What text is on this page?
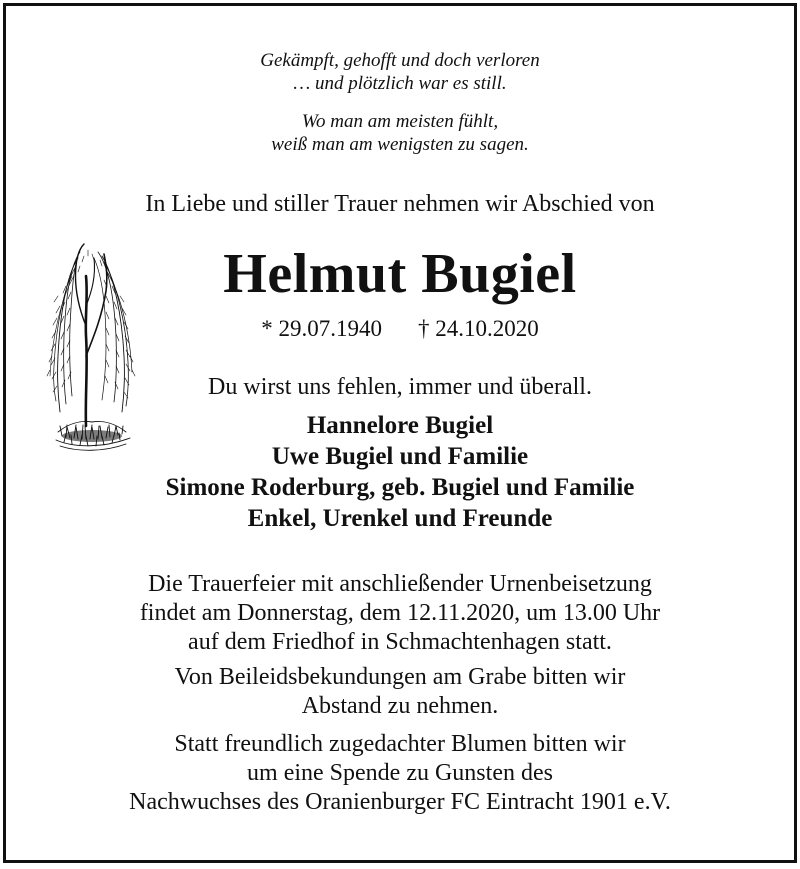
Gekämpft, gehofft und doch verloren
… und plötzlich war es still.
Wo man am meisten fühlt,
weiß man am wenigsten zu sagen.
In Liebe und stiller Trauer nehmen wir Abschied von
Helmut Bugiel
* 29.07.1940 † 24.10.2020
Du wirst uns fehlen, immer und überall.
Hannelore Bugiel
Uwe Bugiel und Familie
Simone Roderburg, geb. Bugiel und Familie
Enkel, Urenkel und Freunde
Die Trauerfeier mit anschließender Urnenbeisetzung
findet am Donnerstag, dem 12.11.2020, um 13.00 Uhr
auf dem Friedhof in Schmachtenhagen statt.
Von Beileidsbekundungen am Grabe bitten wir
Abstand zu nehmen.
Statt freundlich zugedachter Blumen bitten wir
um eine Spende zu Gunsten des
Nachwuchses des Oranienburger FC Eintracht 1901 e.V.
